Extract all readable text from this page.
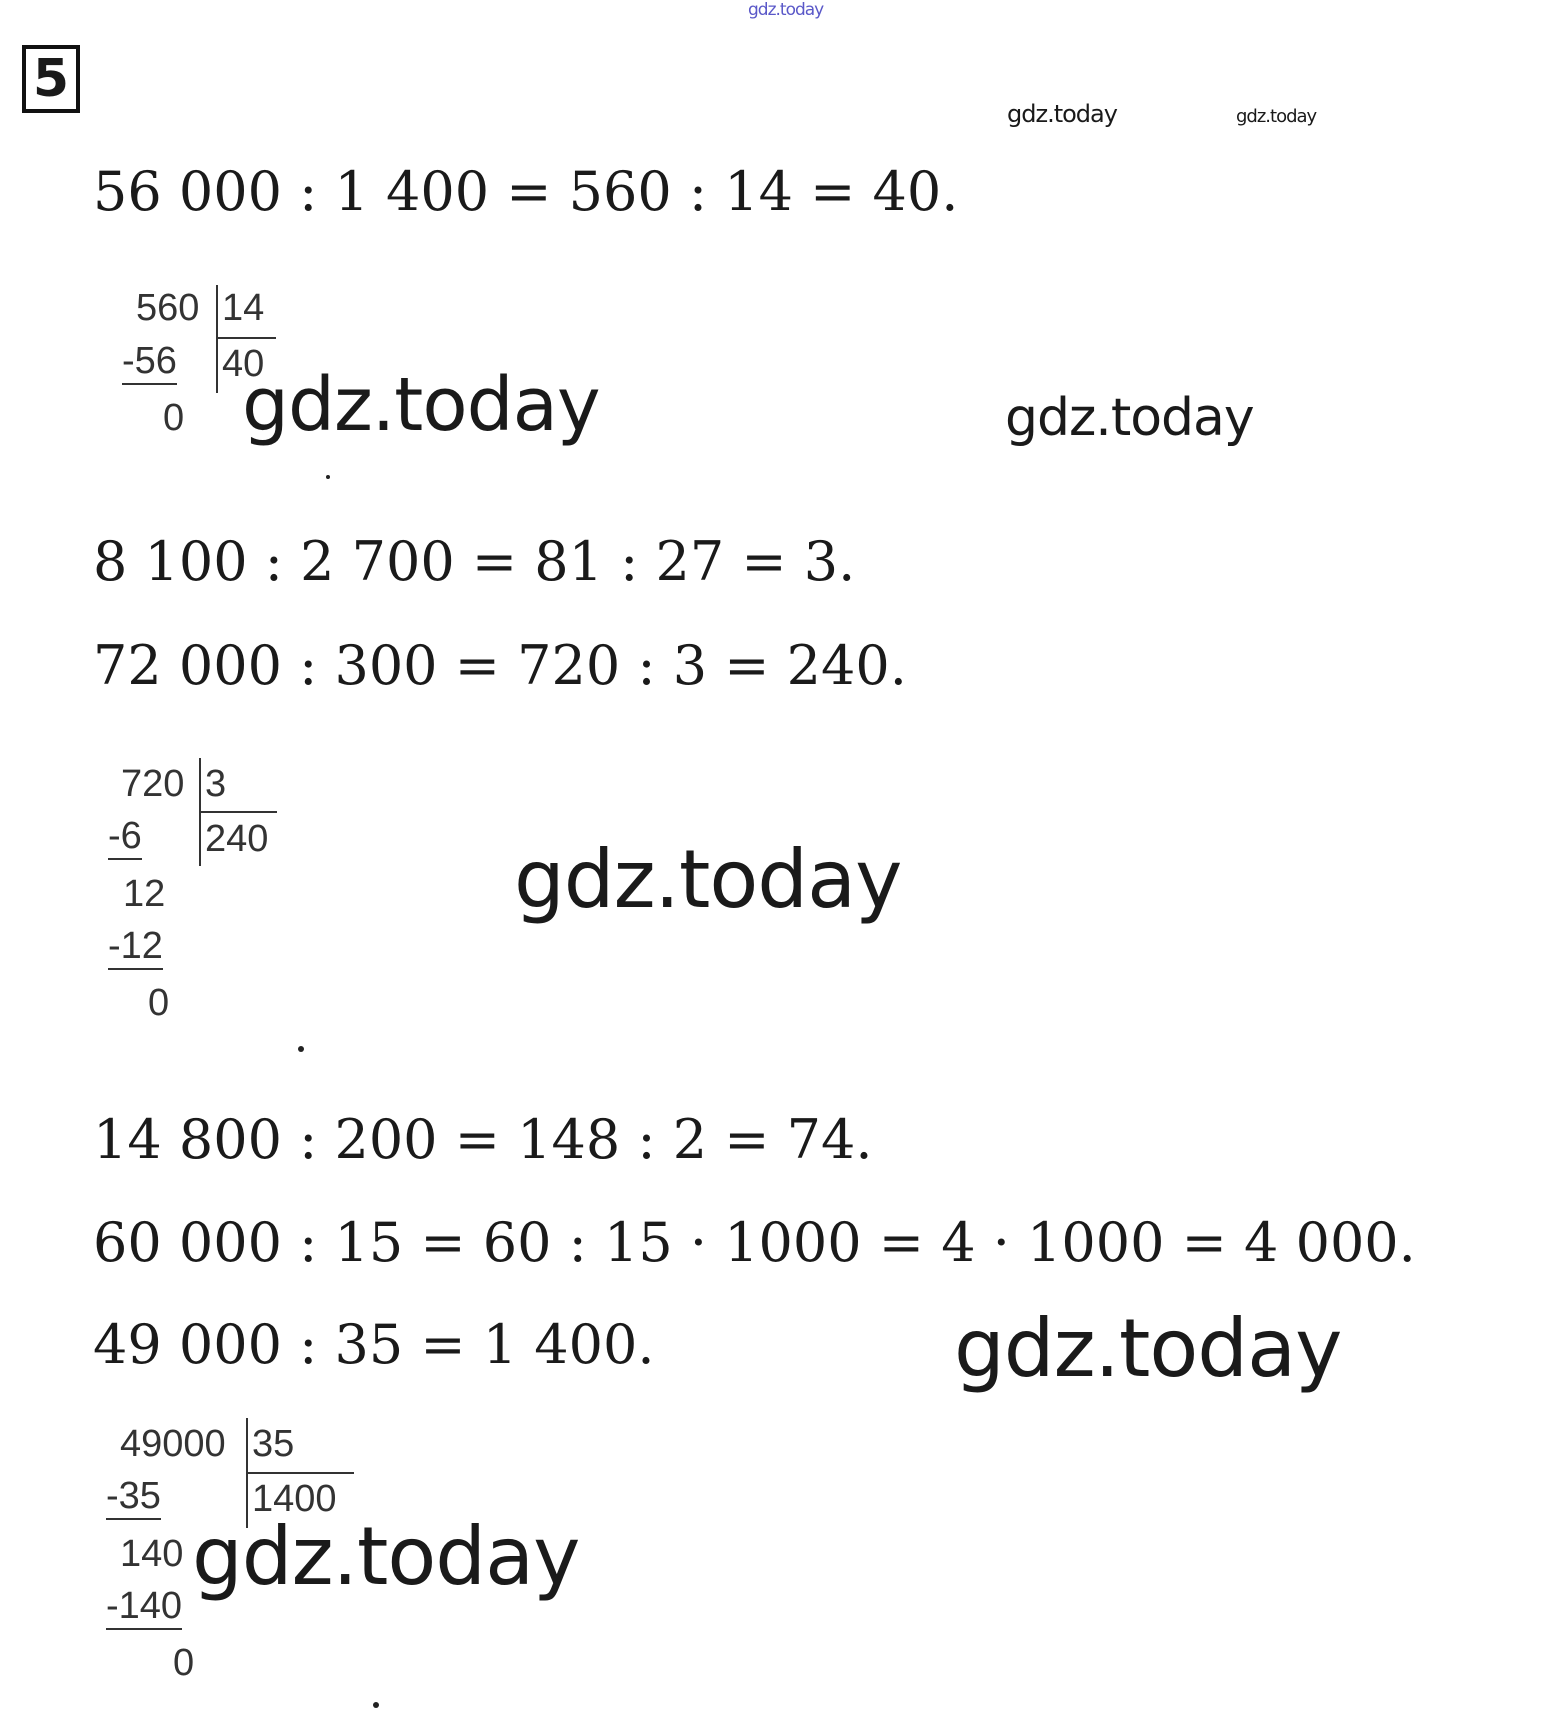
5
gdz.today
gdz.today	gdz.today
56 000 : 1 400 = 560 : 14 = 40.
560 14
40
-56
0 gdz.today	gdz.today
8 100 : 2 700 = 81 : 27 = 3.
72 000 : 300 = 720 : 3 = 240.
720 3
240
-6
12
-12
0
gdz.today
14 800 : 200 = 148 : 2 = 74.
60 000 : 15 = 60 : 15 · 1000 = 4 · 1000 = 4 000.
49 000 : 35 = 1 400.	gdz.today
49000 35
1400
-35
140
-140
0
gdz.today
